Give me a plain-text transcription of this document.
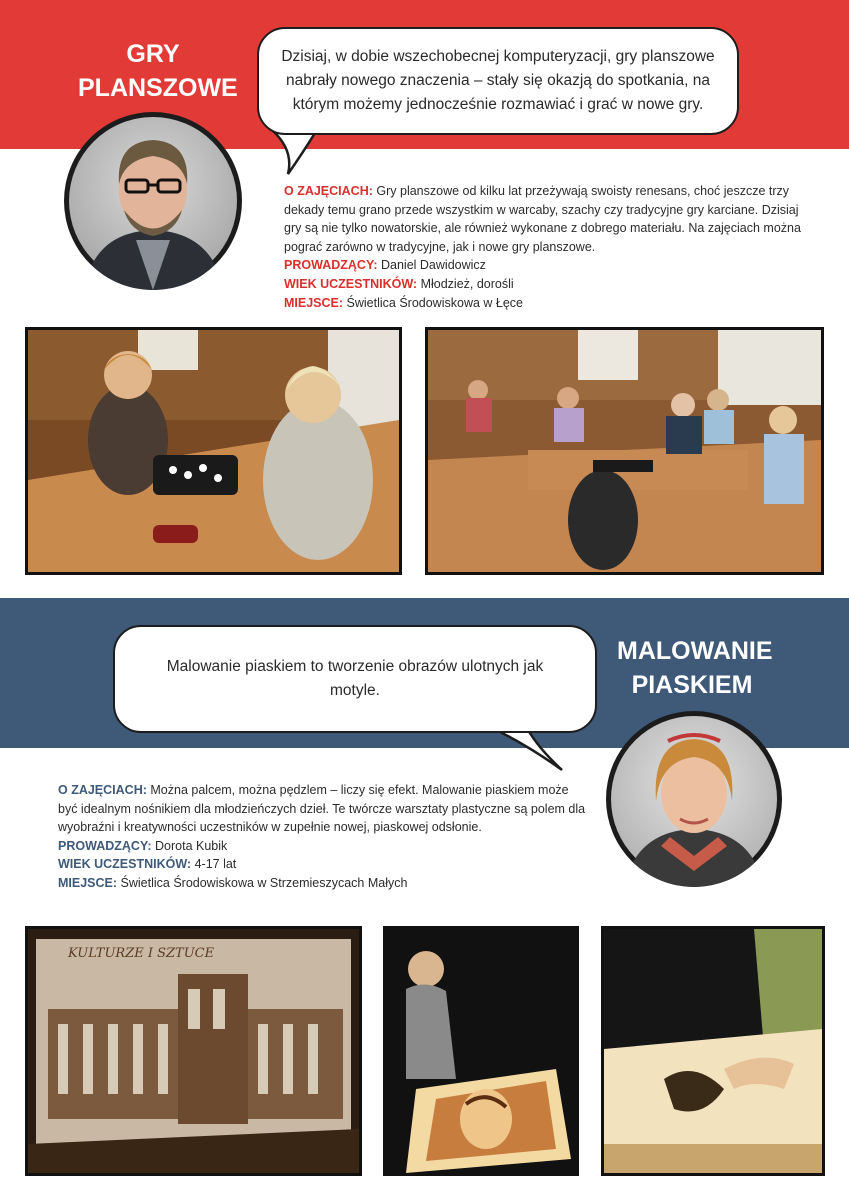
GRY
PLANSZOWE
Dzisiaj, w dobie wszechobecnej komputeryzacji, gry planszowe nabrały nowego znaczenia – stały się okazją do spotkania, na którym możemy jednocześnie rozmawiać i grać w nowe gry.

O ZAJĘCIACH: Gry planszowe od kilku lat przeżywają swoisty renesans, choć jeszcze trzy dekady temu grano przede wszystkim w warcaby, szachy czy tradycyjne gry karciane. Dzisiaj gry są nie tylko nowatorskie, ale również wykonane z dobrego materiału. Na zajęciach można pograć zarówno w tradycyjne, jak i nowe gry planszowe.

PROWADZĄCY: Daniel Dawidowicz

WIEK UCZESTNIKÓW: Młodzież, dorośli

MIEJSCE: Świetlica Środowiskowa w Łęce

MALOWANIE
PIASKIEM
Malowanie piaskiem to tworzenie obrazów ulotnych jak motyle.

O ZAJĘCIACH: Można palcem, można pędzlem – liczy się efekt. Malowanie piaskiem może być idealnym nośnikiem dla młodzieńczych dzieł. Te twórcze warsztaty plastyczne są polem dla wyobraźni i kreatywności uczestników w zupełnie nowej, piaskowej odsłonie.

PROWADZĄCY: Dorota Kubik

WIEK UCZESTNIKÓW: 4-17 lat

MIEJSCE: Świetlica Środowiskowa w Strzemieszycach Małych

KULTURZE I SZTUCE
